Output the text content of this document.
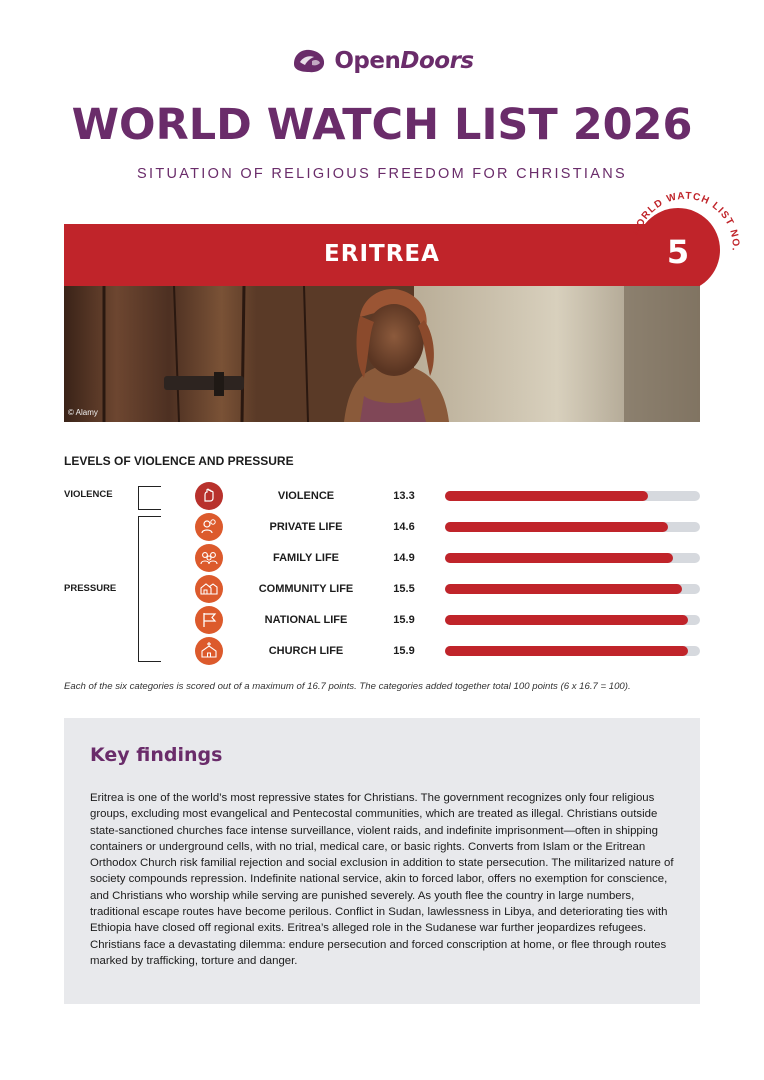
OpenDoors
WORLD WATCH LIST 2026
SITUATION OF RELIGIOUS FREEDOM FOR CHRISTIANS
ERITREA	5
WORLD WATCH LIST NO.
© Alamy
LEVELS OF VIOLENCE AND PRESSURE
VIOLENCE
PRESSURE
VIOLENCE	13.3
PRIVATE LIFE	14.6
FAMILY LIFE	14.9
COMMUNITY LIFE	15.5
NATIONAL LIFE	15.9
CHURCH LIFE	15.9
Each of the six categories is scored out of a maximum of 16.7 points. The categories added together total 100 points (6 x 16.7 = 100).
Key findings
Eritrea is one of the world’s most repressive states for Christians. The government recognizes only four religious groups, excluding most evangelical and Pentecostal communities, which are treated as illegal. Christians outside state-sanctioned churches face intense surveillance, violent raids, and indefinite imprisonment—often in shipping containers or underground cells, with no trial, medical care, or basic rights. Converts from Islam or the Eritrean Orthodox Church risk familial rejection and social exclusion in addition to state persecution. The militarized nature of society compounds repression. Indefinite national service, akin to forced labor, offers no exemption for conscience, and Christians who worship while serving are punished severely. As youth flee the country in large numbers, traditional escape routes have become perilous. Conflict in Sudan, lawlessness in Libya, and deteriorating ties with Ethiopia have closed off regional exits. Eritrea’s alleged role in the Sudanese war further jeopardizes refugees. Christians face a devastating dilemma: endure persecution and forced conscription at home, or flee through routes marked by trafficking, torture and danger.
